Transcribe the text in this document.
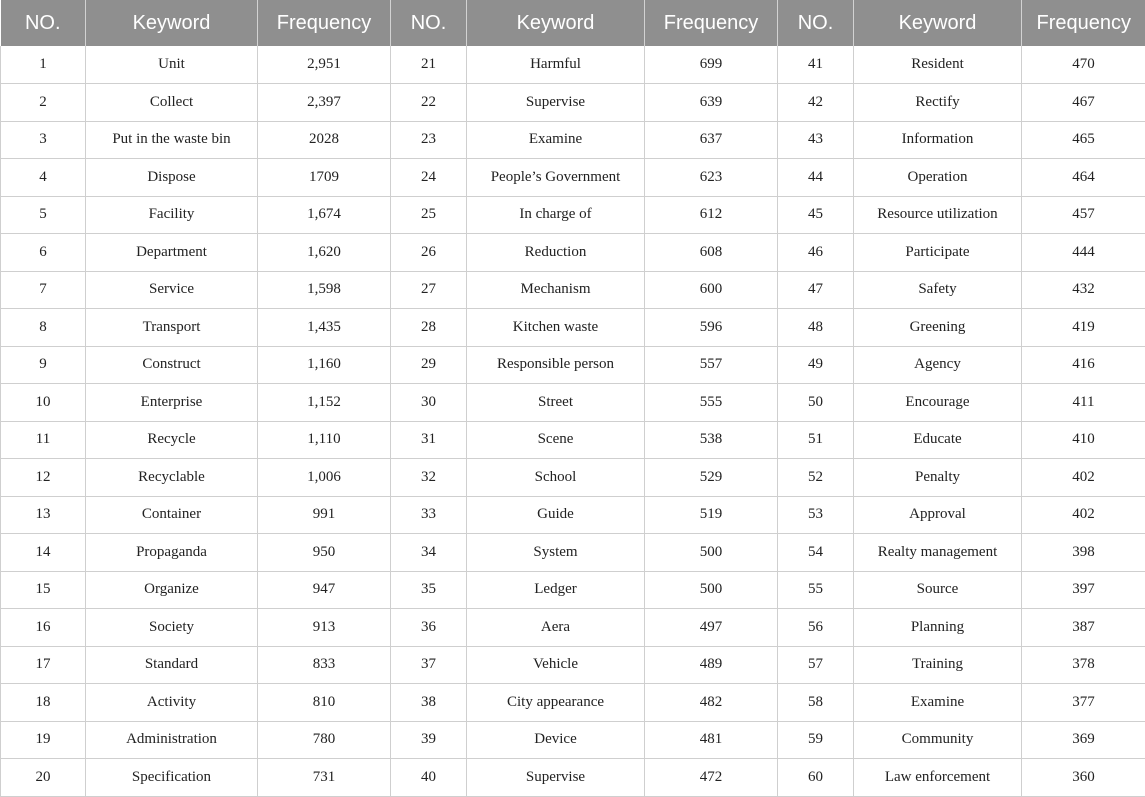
NO.	Keyword	Frequency	NO.	Keyword	Frequency	NO.	Keyword	Frequency
1	Unit	2,951	21	Harmful	699	41	Resident	470
2	Collect	2,397	22	Supervise	639	42	Rectify	467
3	Put in the waste bin	2028	23	Examine	637	43	Information	465
4	Dispose	1709	24	People’s Government	623	44	Operation	464
5	Facility	1,674	25	In charge of	612	45	Resource utilization	457
6	Department	1,620	26	Reduction	608	46	Participate	444
7	Service	1,598	27	Mechanism	600	47	Safety	432
8	Transport	1,435	28	Kitchen waste	596	48	Greening	419
9	Construct	1,160	29	Responsible person	557	49	Agency	416
10	Enterprise	1,152	30	Street	555	50	Encourage	411
11	Recycle	1,110	31	Scene	538	51	Educate	410
12	Recyclable	1,006	32	School	529	52	Penalty	402
13	Container	991	33	Guide	519	53	Approval	402
14	Propaganda	950	34	System	500	54	Realty management	398
15	Organize	947	35	Ledger	500	55	Source	397
16	Society	913	36	Aera	497	56	Planning	387
17	Standard	833	37	Vehicle	489	57	Training	378
18	Activity	810	38	City appearance	482	58	Examine	377
19	Administration	780	39	Device	481	59	Community	369
20	Specification	731	40	Supervise	472	60	Law enforcement	360
